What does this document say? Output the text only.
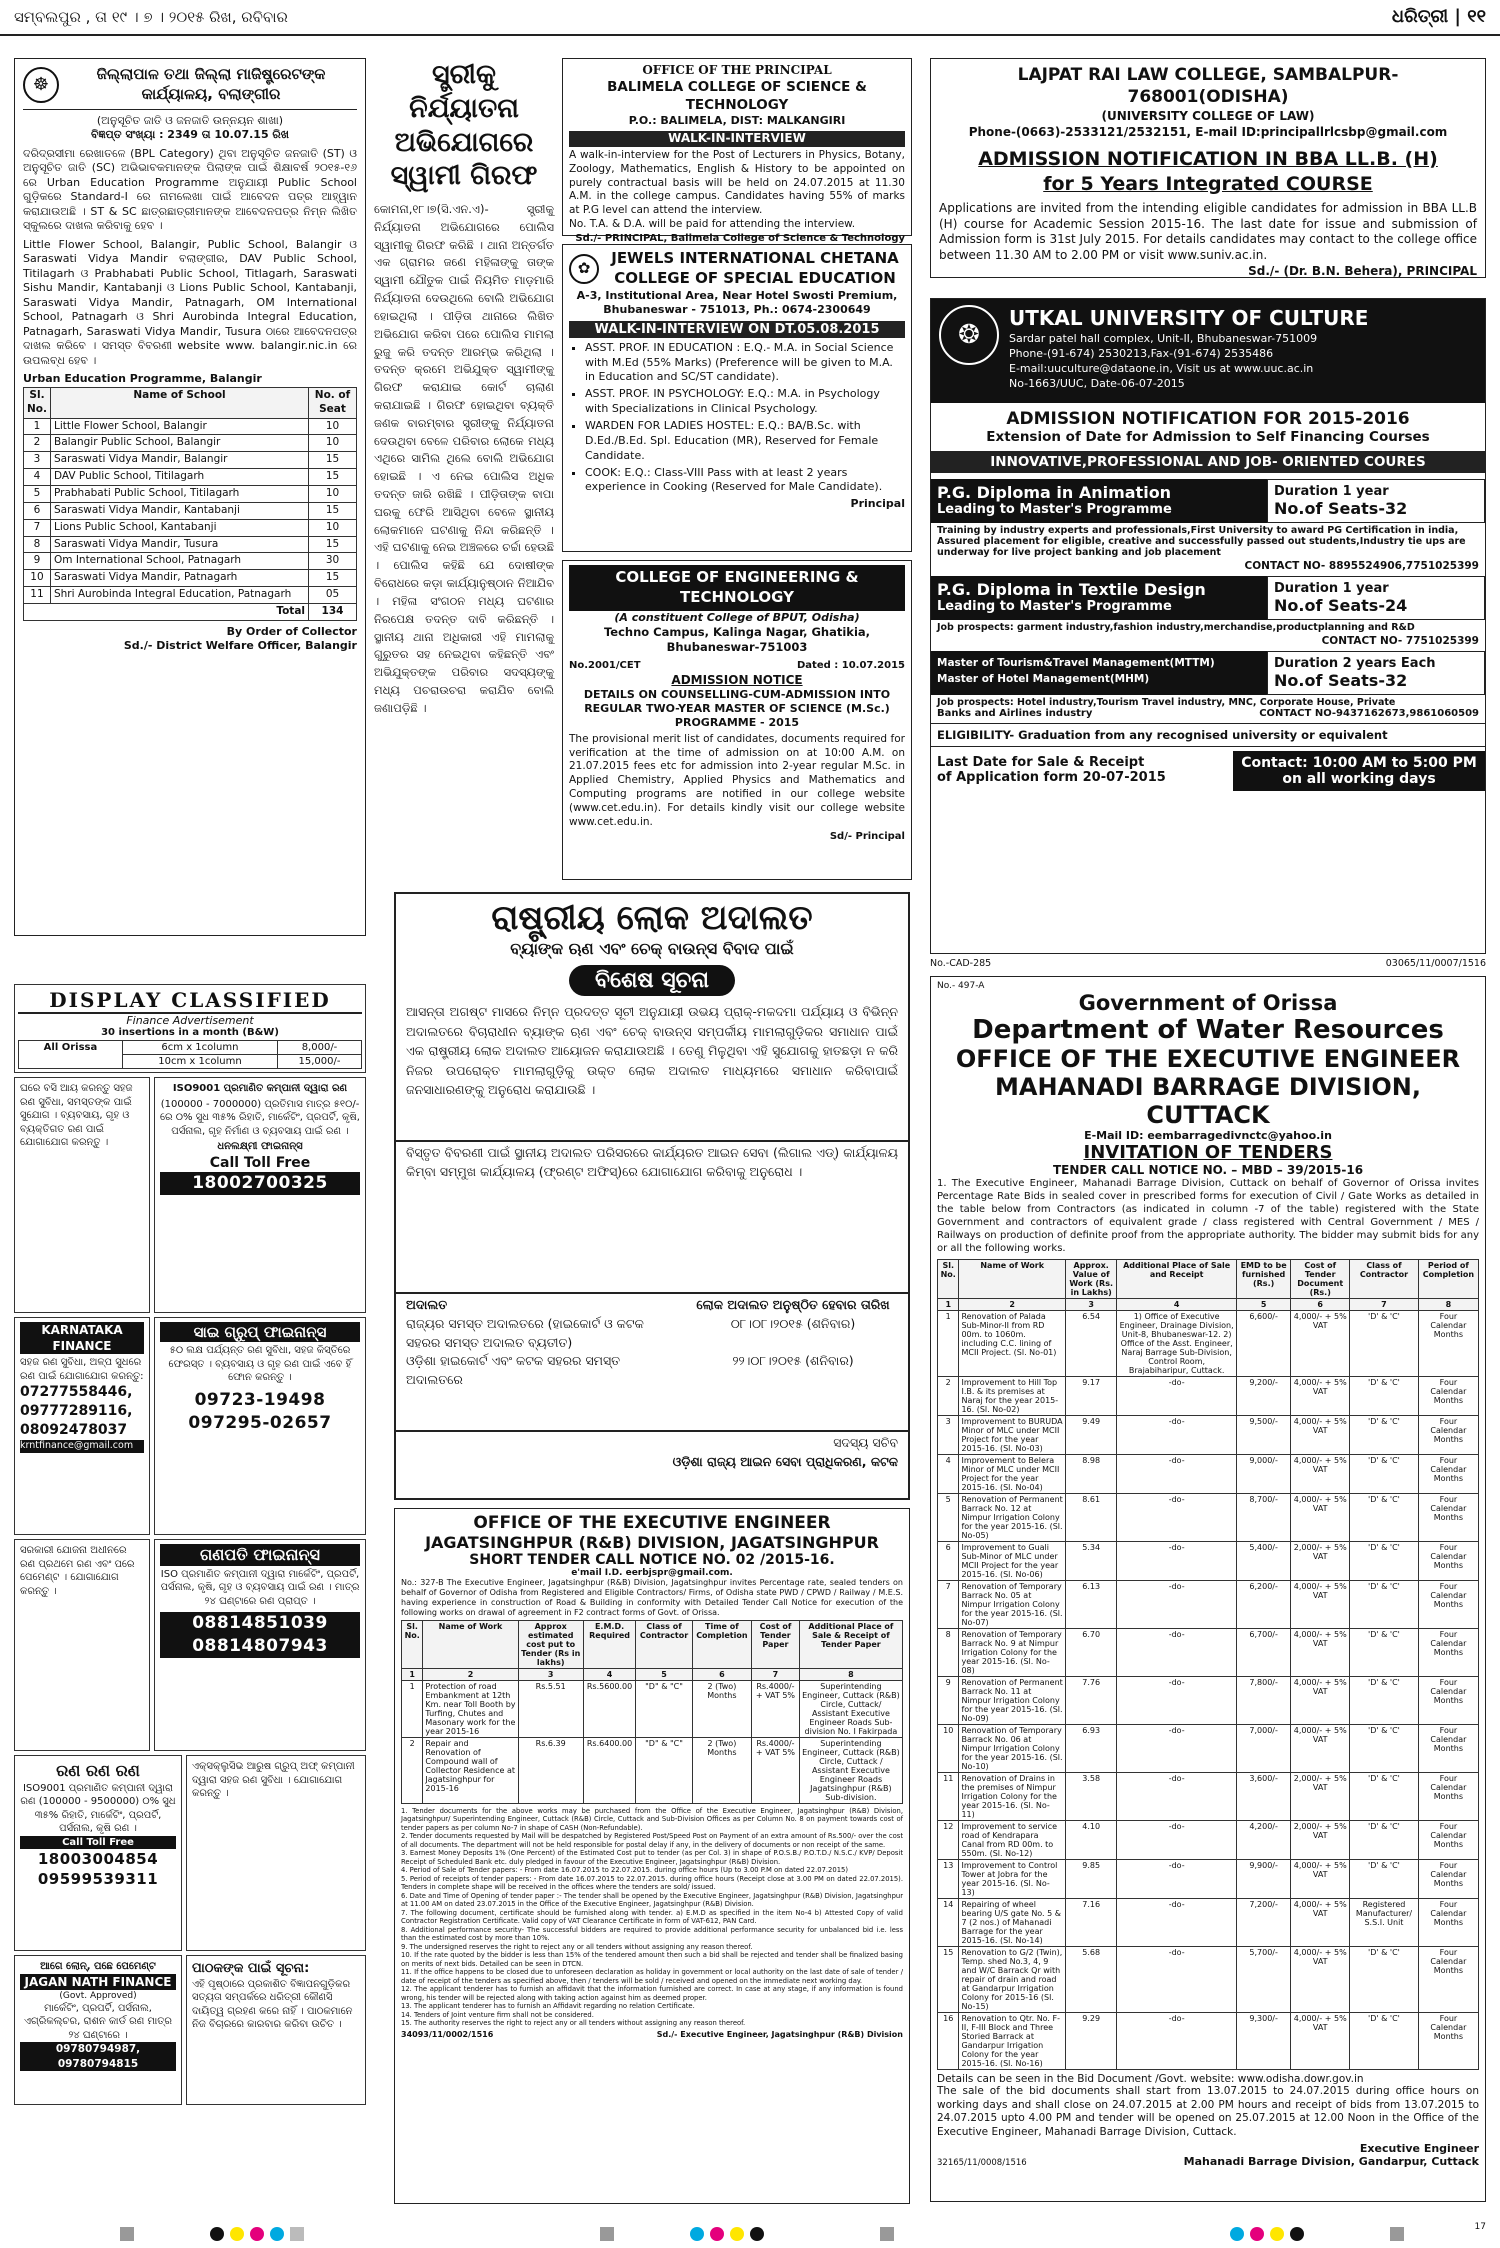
ସମ୍ବଲପୁର , ତା ୧୯ । ୭ । ୨୦୧୫ ରିଖ, ରବିବାର	ଧରିତ୍ରୀ | ୧୧
☸	ଜିଲ୍ଲାପାଳ ତଥା ଜିଲ୍ଲା ମାଜିଷ୍ଟ୍ରେଟଙ୍କ କାର୍ଯ୍ୟାଳୟ, ବଲାଙ୍ଗୀର
(ଅନୁସୂଚିତ ଜାତି ଓ ଜନଜାତି ଉନ୍ନୟନ ଶାଖା)
ବିଜ୍ଞପ୍ତ ସଂଖ୍ୟା : 2349 ତା 10.07.15 ରିଖ

ଦରିଦ୍ରସୀମା ରେଖାତଳେ (BPL Category) ଥିବା ଅନୁସୂଚିତ ଜନଜାତି (ST) ଓ ଅନୁସୂଚିତ ଜାତି (SC) ଅଭିଭାବକମାନଙ୍କ ପିଲାଙ୍କ ପାଇଁ ଶିକ୍ଷାବର୍ଷ ୨୦୧୫-୧୬ ରେ Urban Education Programme ଅନୁଯାୟୀ Public School ଗୁଡ଼ିକରେ Standard-I ରେ ନାମଲେଖା ପାଇଁ ଆବେଦନ ପତ୍ର ଆହ୍ୱାନ କରାଯାଉଅଛି । ST & SC ଛାତ୍ରଛାତ୍ରୀମାନଙ୍କ ଆବେଦନପତ୍ର ନିମ୍ନ ଲିଖିତ ସ୍କୁଲରେ ଦାଖଲ କରିବାକୁ ହେବ ।

Little Flower School, Balangir, Public School, Balangir ଓ Saraswati Vidya Mandir ବଲାଙ୍ଗୀର, DAV Public School, Titilagarh ଓ Prabhabati Public School, Titlagarh, Saraswati Sishu Mandir, Kantabanji ଓ Lions Public School, Kantabanji, Saraswati Vidya Mandir, Patnagarh, OM International School, Patnagarh ଓ Shri Aurobinda Integral Education, Patnagarh, Saraswati Vidya Mandir, Tusura ଠାରେ ଆବେଦନପତ୍ର ଦାଖଲ କରିବେ । ସମସ୍ତ ବିବରଣୀ website www. balangir.nic.in ରେ ଉପଲବ୍ଧ ହେବ ।

Urban Education Programme, Balangir
Sl. No.	Name of School	No. of Seat
1	Little Flower School, Balangir	10
2	Balangir Public School, Balangir	10
3	Saraswati Vidya Mandir, Balangir	15
4	DAV Public School, Titilagarh	15
5	Prabhabati Public School, Titilagarh	10
6	Saraswati Vidya Mandir, Kantabanji	15
7	Lions Public School, Kantabanji	10
8	Saraswati Vidya Mandir, Tusura	15
9	Om International School, Patnagarh	30
10	Saraswati Vidya Mandir, Patnagarh	15
11	Shri Aurobinda Integral Education, Patnagarh	05
Total		134
By Order of Collector
Sd./- District Welfare Officer, Balangir
ସ୍ତ୍ରୀକୁ ନିର୍ଯ୍ୟାତନା ଅଭିଯୋଗରେ ସ୍ୱାମୀ ଗିରଫ

କୋମନା,୧୮।୭(ସି.ଏନ.ଏ)- ସ୍ତ୍ରୀକୁ ନିର୍ଯ୍ୟାତନା ଅଭିଯୋଗରେ ପୋଲିସ ସ୍ୱାମୀକୁ ଗିରଫ କରିଛି । ଥାନା ଅନ୍ତର୍ଗତ ଏକ ଗ୍ରାମର ଜଣେ ମହିଳାଙ୍କୁ ତାଙ୍କ ସ୍ୱାମୀ ଯୌତୁକ ପାଇଁ ନିୟମିତ ମାଡ଼ମାରି ନିର୍ଯ୍ୟାତନା ଦେଉଥିଲେ ବୋଲି ଅଭିଯୋଗ ହୋଇଥିଲା । ପୀଡ଼ିତା ଥାନାରେ ଲିଖିତ ଅଭିଯୋଗ କରିବା ପରେ ପୋଲିସ ମାମଲା ରୁଜୁ କରି ତଦନ୍ତ ଆରମ୍ଭ କରିଥିଲା । ତଦନ୍ତ କ୍ରମେ ଅଭିଯୁକ୍ତ ସ୍ୱାମୀଙ୍କୁ ଗିରଫ କରାଯାଇ କୋର୍ଟ ଚାଲାଣ କରାଯାଇଛି । ଗିରଫ ହୋଇଥିବା ବ୍ୟକ୍ତି ଜଣକ ବାରମ୍ବାର ସ୍ତ୍ରୀଙ୍କୁ ନିର୍ଯ୍ୟାତନା ଦେଉଥିବା ବେଳେ ପରିବାର ଲୋକେ ମଧ୍ୟ ଏଥିରେ ସାମିଲ ଥିଲେ ବୋଲି ଅଭିଯୋଗ ହୋଇଛି । ଏ ନେଇ ପୋଲିସ ଅଧିକ ତଦନ୍ତ ଜାରି ରଖିଛି । ପୀଡ଼ିତାଙ୍କ ବାପା ଘରକୁ ଫେରି ଆସିଥିବା ବେଳେ ସ୍ଥାନୀୟ ଲୋକମାନେ ଘଟଣାକୁ ନିନ୍ଦା କରିଛନ୍ତି । ଏହି ଘଟଣାକୁ ନେଇ ଅଞ୍ଚଳରେ ଚର୍ଚ୍ଚା ହେଉଛି । ପୋଲିସ କହିଛି ଯେ ଦୋଷୀଙ୍କ ବିରୋଧରେ କଡ଼ା କାର୍ଯ୍ୟାନୁଷ୍ଠାନ ନିଆଯିବ । ମହିଳା ସଂଗଠନ ମଧ୍ୟ ଘଟଣାର ନିରପେକ୍ଷ ତଦନ୍ତ ଦାବି କରିଛନ୍ତି । ସ୍ଥାନୀୟ ଥାନା ଅଧିକାରୀ ଏହି ମାମଲାକୁ ଗୁରୁତର ସହ ନେଇଥିବା କହିଛନ୍ତି ଏବଂ ଅଭିଯୁକ୍ତଙ୍କ ପରିବାର ସଦସ୍ୟଙ୍କୁ ମଧ୍ୟ ପଚରାଉଚରା କରାଯିବ ବୋଲି ଜଣାପଡ଼ିଛି ।

OFFICE OF THE PRINCIPAL
BALIMELA COLLEGE OF SCIENCE & TECHNOLOGY
P.O.: BALIMELA, DIST: MALKANGIRI
WALK-IN-INTERVIEW

A walk-in-interview for the Post of Lecturers in Physics, Botany, Zoology, Mathematics, English & History to be appointed on purely contractual basis will be held on 24.07.2015 at 11.30 A.M. in the college campus. Candidates having 55% of marks at P.G level can attend the interview.

No. T.A. & D.A. will be paid for attending the interview.

Sd./- PRINCIPAL, Balimela College of Science & Technology

✿
JEWELS INTERNATIONAL CHETANA
COLLEGE OF SPECIAL EDUCATION
A-3, Institutional Area, Near Hotel Swosti Premium, Bhubaneswar - 751013, Ph.: 0674-2300649
WALK-IN-INTERVIEW ON DT.05.08.2015
▪ ASST. PROF. IN EDUCATION : E.Q.- M.A. in Social Science with M.Ed (55% Marks) (Preference will be given to M.A. in Education and SC/ST candidate).
▪ ASST. PROF. IN PSYCHOLOGY: E.Q.: M.A. in Psychology with Specializations in Clinical Psychology.
▪ WARDEN FOR LADIES HOSTEL: E.Q.: BA/B.Sc. with D.Ed./B.Ed. Spl. Education (MR), Reserved for Female Candidate.
▪ COOK: E.Q.: Class-VIII Pass with at least 2 years experience in Cooking (Reserved for Male Candidate).
Principal
COLLEGE OF ENGINEERING & TECHNOLOGY
(A constituent College of BPUT, Odisha)
Techno Campus, Kalinga Nagar, Ghatikia, Bhubaneswar-751003
No.2001/CET	Dated : 10.07.2015
ADMISSION NOTICE
DETAILS ON COUNSELLING-CUM-ADMISSION INTO REGULAR TWO-YEAR MASTER OF SCIENCE (M.Sc.) PROGRAMME - 2015

The provisional merit list of candidates, documents required for verification at the time of admission on at 10:00 A.M. on 21.07.2015 fees etc for admission into 2-year regular M.Sc. in Applied Chemistry, Applied Physics and Mathematics and Computing programs are notified in our college website (www.cet.edu.in). For details kindly visit our college website www.cet.edu.in.

Sd/- Principal
LAJPAT RAI LAW COLLEGE, SAMBALPUR-768001(ODISHA)
(UNIVERSITY COLLEGE OF LAW)
Phone-(0663)-2533121/2532151, E-mail ID:principallrlcsbp@gmail.com
ADMISSION NOTIFICATION IN BBA LL.B. (H)
for 5 Years Integrated COURSE

Applications are invited from the intending eligible candidates for admission in BBA LL.B (H) course for Academic Session 2015-16. The last date for issue and submission of Admission form is 31st July 2015. For details candidates may contact to the college office between 11.30 AM to 2.00 PM or visit www.suniv.ac.in.

Sd./- (Dr. B.N. Behera), PRINCIPAL
❂
UTKAL UNIVERSITY OF CULTURE
Sardar patel hall complex, Unit-II, Bhubaneswar-751009
Phone-(91-674) 2530213,Fax-(91-674) 2535486
E-mail:uuculture@dataone.in, Visit us at www.uuc.ac.in
No-1663/UUC, Date-06-07-2015
ADMISSION NOTIFICATION FOR 2015-2016
Extension of Date for Admission to Self Financing Courses
INNOVATIVE,PROFESSIONAL AND JOB- ORIENTED COURES
P.G. Diploma in Animation
Leading to Master's Programme
Duration 1 year
No.of Seats-32

Training by industry experts and professionals,First University to award PG Certification in india, Assured placement for eligible, creative and successfully passed out students,Industry tie ups are underway for live project banking and job placement

CONTACT NO- 8895524906,7751025399
P.G. Diploma in Textile Design
Leading to Master's Programme
Duration 1 year
No.of Seats-24

Job prospects: garment industry,fashion industry,merchandise,productplanning and R&D

CONTACT NO- 7751025399
Master of Tourism&Travel Management(MTTM)
Master of Hotel Management(MHM)
Duration 2 years Each
No.of Seats-32

Job prospects: Hotel industry,Tourism Travel industry, MNC, Corporate House, Private

Banks and Airlines industry	CONTACT NO-9437162673,9861060509
ELIGIBILITY- Graduation from any recognised university or equivalent
Last Date for Sale & Receipt
of Application form 20-07-2015
Contact: 10:00 AM to 5:00 PM
on all working days
No.-CAD-285	03065/11/0007/1516
ରାଷ୍ଟ୍ରୀୟ ଲୋକ ଅଦାଲତ
ବ୍ୟାଙ୍କ ଋଣ ଏବଂ ଚେକ୍ ବାଉନ୍ସ ବିବାଦ ପାଇଁ
ବିଶେଷ ସୂଚନା

ଆସନ୍ତା ଅଗଷ୍ଟ ମାସରେ ନିମ୍ନ ପ୍ରଦତ୍ତ ସୂଚୀ ଅନୁଯାୟୀ ଉଭୟ ପ୍ରାକ୍-ମକଦମା ପର୍ଯ୍ୟାୟ ଓ ବିଭିନ୍ନ ଅଦାଲତରେ ବିଚାରାଧୀନ ବ୍ୟାଙ୍କ ଋଣ ଏବଂ ଚେକ୍ ବାଉନ୍ସ ସମ୍ପର୍କୀୟ ମାମଲାଗୁଡ଼ିକର ସମାଧାନ ପାଇଁ ଏକ ରାଷ୍ଟ୍ରୀୟ ଲୋକ ଅଦାଲତ ଆୟୋଜନ କରାଯାଉଅଛି । ତେଣୁ ମିଳୁଥିବା ଏହି ସୁଯୋଗକୁ ହାତଛଡ଼ା ନ କରି ନିଜର ଉପରୋକ୍ତ ମାମଲାଗୁଡ଼ିକୁ ଉକ୍ତ ଲୋକ ଅଦାଲତ ମାଧ୍ୟମରେ ସମାଧାନ କରିବାପାଇଁ ଜନସାଧାରଣଙ୍କୁ ଅନୁରୋଧ କରାଯାଉଛି ।

ବିସ୍ତୃତ ବିବରଣୀ ପାଇଁ ସ୍ଥାନୀୟ ଅଦାଲତ ପରିସରରେ କାର୍ଯ୍ୟରତ ଆଇନ ସେବା (ଲିଗାଲ ଏଡ୍) କାର୍ଯ୍ୟାଳୟ କିମ୍ବା ସମ୍ମୁଖ କାର୍ଯ୍ୟାଳୟ (ଫ୍ରଣ୍ଟ ଅଫିସ୍)ରେ ଯୋଗାଯୋଗ କରିବାକୁ ଅନୁରୋଧ ।

ଅଦାଲତ	ଲୋକ ଅଦାଲତ ଅନୁଷ୍ଠିତ ହେବାର ତାରିଖ
ରାଜ୍ୟର ସମସ୍ତ ଅଦାଲତରେ (ହାଇକୋର୍ଟ ଓ କଟକ ସହରର ସମସ୍ତ ଅଦାଲତ ବ୍ୟତୀତ)
୦୮।୦୮।୨୦୧୫ (ଶନିବାର)
ଓଡ଼ିଶା ହାଇକୋର୍ଟ ଏବଂ କଟକ ସହରର ସମସ୍ତ ଅଦାଲତରେ
୨୨।୦୮।୨୦୧୫ (ଶନିବାର)
ସଦସ୍ୟ ସଚିବ
ଓଡ଼ିଶା ରାଜ୍ୟ ଆଇନ ସେବା ପ୍ରାଧିକରଣ, କଟକ
DISPLAY CLASSIFIED
Finance Advertisement
30 insertions in a month (B&W)
All Orissa	6cm x 1column	8,000/-
	10cm x 1column	15,000/-

ଘରେ ବସି ଆୟ କରନ୍ତୁ ସହଜ ରଣ ସୁବିଧା, ସମସ୍ତଙ୍କ ପାଇଁ ସୁଯୋଗ । ବ୍ୟବସାୟ, ଗୃହ ଓ ବ୍ୟକ୍ତିଗତ ରଣ ପାଇଁ ଯୋଗାଯୋଗ କରନ୍ତୁ ।

ISO9001 ପ୍ରମାଣିତ କମ୍ପାନୀ ଦ୍ୱାରା ରଣ

(100000 - 7000000) ପ୍ରତିମାସ ମାତ୍ର ୫୧୦/-ରେ ୦% ସୁଧ ୩୫% ରିହାତି, ମାର୍କେଟିଂ, ପ୍ରପର୍ଟି, କୃଷି, ପର୍ସନାଲ, ଗୃହ ନିର୍ମାଣ ଓ ବ୍ୟବସାୟ ପାଇଁ ରଣ ।

ଧନଲକ୍ଷ୍ମୀ ଫାଇନାନ୍ସ
Call Toll Free
18002700325
KARNATAKA FINANCE

ସହଜ ରଣ ସୁବିଧା, ଅଳ୍ପ ସୁଧରେ ରଣ ପାଇଁ ଯୋଗାଯୋଗ କରନ୍ତୁ:

07277558446,
09777289116,
08092478037
krntfinance@gmail.com
ସାଇ ଗ୍ରୁପ୍ ଫାଇନାନ୍ସ

୫୦ ଲକ୍ଷ ପର୍ଯ୍ୟନ୍ତ ରଣ ସୁବିଧା, ସହଜ କିସ୍ତିରେ ଫେରସ୍ତ । ବ୍ୟବସାୟ ଓ ଗୃହ ରଣ ପାଇଁ ଏବେ ହିଁ ଫୋନ କରନ୍ତୁ ।

09723-19498
097295-02657

ସରକାରୀ ଯୋଜନା ଅଧୀନରେ ରଣ ପ୍ରଥମେ ରଣ ଏବଂ ପରେ ପେମେଣ୍ଟ । ଯୋଗାଯୋଗ କରନ୍ତୁ ।

ଗଣପତି ଫାଇନାନ୍ସ

ISO ପ୍ରମାଣିତ କମ୍ପାନୀ ଦ୍ୱାରା ମାର୍କେଟିଂ, ପ୍ରପର୍ଟି, ପର୍ସନାଲ, କୃଷି, ଗୃହ ଓ ବ୍ୟବସାୟ ପାଇଁ ରଣ । ମାତ୍ର ୨୪ ଘଣ୍ଟାରେ ରଣ ପ୍ରାପ୍ତ ।

08814851039
08814807943
ରଣ ରଣ ରଣ

ISO9001 ପ୍ରମାଣିତ କମ୍ପାନୀ ଦ୍ୱାରା ରଣ (100000 - 9500000) ୦% ସୁଧ ୩୫% ରିହାତି, ମାର୍କେଟିଂ, ପ୍ରପର୍ଟି, ପର୍ସନାଲ, କୃଷି ରଣ ।

Call Toll Free
18003004854
09599539311

ଏକ୍ସକ୍ଲୁସିଭ ଆରୁଷ ଗ୍ରୁପ୍ ଅଫ୍ କମ୍ପାନୀ ଦ୍ୱାରା ସହଜ ରଣ ସୁବିଧା । ଯୋଗାଯୋଗ କରନ୍ତୁ ।

ଆଗେ ଲୋନ୍, ପଛେ ପେମେଣ୍ଟ
JAGAN NATH FINANCE
(Govt. Approved)

ମାର୍କେଟିଂ, ପ୍ରପର୍ଟି, ପର୍ସନାଲ, ଏଗ୍ରିକଲ୍ଚର, ରାଶନ କାର୍ଡ ରଣ ମାତ୍ର ୨୪ ଘଣ୍ଟାରେ ।

09780794987, 09780794815
ପାଠକଙ୍କ ପାଇଁ ସୂଚନା:

ଏହି ପୃଷ୍ଠାରେ ପ୍ରକାଶିତ ବିଜ୍ଞାପନଗୁଡ଼ିକର ସତ୍ୟତା ସମ୍ପର୍କରେ ଧରିତ୍ରୀ କୌଣସି ଦାୟିତ୍ୱ ଗ୍ରହଣ କରେ ନାହିଁ । ପାଠକମାନେ ନିଜ ବିଚାରରେ କାରବାର କରିବା ଉଚିତ ।

OFFICE OF THE EXECUTIVE ENGINEER
JAGATSINGHPUR (R&B) DIVISION, JAGATSINGHPUR
SHORT TENDER CALL NOTICE NO. 02 /2015-16.
e'mail I.D. eerbjspr@gmail.com.

No.: 327-B The Executive Engineer, Jagatsinghpur (R&B) Division, Jagatsinghpur invites Percentage rate, sealed tenders on behalf of Governor of Odisha from Registered and Eligible Contractors/ Firms, of Odisha state PWD / CPWD / Railway / M.E.S. having experience in construction of Road & Building in conformity with Detailed Tender Call Notice for execution of the following works on drawal of agreement in F2 contract forms of Govt. of Orissa.

Sl. No.	Name of Work	Approx estimated cost put to Tender (Rs in lakhs)	E.M.D. Required	Class of Contractor	Time of Completion	Cost of Tender Paper	Additional Place of Sale & Receipt of Tender Paper
1	2	3	4	5	6	7	8
1	Protection of road Embankment at 12th Km. near Toll Booth by Turfing, Chutes and Masonary work for the year 2015-16	Rs.5.51	Rs.5600.00	"D" & "C"	2 (Two) Months	Rs.4000/- + VAT 5%	Superintending Engineer, Cuttack (R&B) Circle, Cuttack/ Assistant Executive Engineer Roads Sub-division No. I Fakirpada
2	Repair and Renovation of Compound wall of Collector Residence at Jagatsinghpur for 2015-16	Rs.6.39	Rs.6400.00	"D" & "C"	2 (Two) Months	Rs.4000/- + VAT 5%	Superintending Engineer, Cuttack (R&B) Circle, Cuttack / Assistant Executive Engineer Roads Jagatsinghpur (R&B) Sub-division.
1. Tender documents for the above works may be purchased from the Office of the Executive Engineer, Jagatsinghpur (R&B) Division, Jagatsinghpur/ Superintending Engineer, Cuttack (R&B) Circle, Cuttack and Sub-Division Offices as per Column No. 8 on payment towards cost of tender papers as per column No-7 in shape of CASH (Non-Refundable).
2. Tender documents requested by Mail will be despatched by Registered Post/Speed Post on Payment of an extra amount of Rs.500/- over the cost of all documents. The department will not be held responsible for postal delay if any, in the delivery of documents or non receipt of the same.
3. Earnest Money Deposits 1% (One Percent) of the Estimated Cost put to tender (as per Col. 3) in shape of P.O.S.B./ P.O.T.D./ N.S.C./ KVP/ Deposit Receipt of Scheduled Bank etc. duly pledged in favour of the Executive Engineer, Jagatsinghpur (R&B) Division.
4. Period of Sale of Tender papers: - From date 16.07.2015 to 22.07.2015. during office hours (Up to 3.00 P.M on dated 22.07.2015)
5. Period of receipts of tender papers: - From date 16.07.2015 to 22.07.2015. during office hours (Receipt close at 3.00 PM on dated 22.07.2015). Tenders in complete shape will be received in the offices where the tenders are sold/ issued.
6. Date and Time of Opening of tender paper :- The tender shall be opened by the Executive Engineer, Jagatsinghpur (R&B) Division, Jagatsinghpur at 11.00 AM on dated 23.07.2015 in the Office of the Executive Engineer, Jagatsinghpur (R&B) Division.
7. The following document, certificate should be furnished along with tender. a) E.M.D as specified in the item No-4 b) Attested Copy of valid Contractor Registration Certificate. Valid copy of VAT Clearance Certificate in form of VAT-612, PAN Card.
8. Additional performance security- The successful bidders are required to provide additional performance security for unbalanced bid i.e. less than the estimated cost by more than 10%.
9. The undersigned reserves the right to reject any or all tenders without assigning any reason thereof.
10. If the rate quoted by the bidder is less than 15% of the tendered amount then such a bid shall be rejected and tender shall be finalized basing on merits of next bids. Detailed can be seen in DTCN.
11. If the office happens to be closed due to unforeseen declaration as holiday in government or local authority on the last date of sale of tender / date of receipt of the tenders as specified above, then / tenders will be sold / received and opened on the immediate next working day.
12. The applicant tenderer has to furnish an affidavit that the information furnished are correct. In case at any stage, if any information is found wrong, his tender will be rejected along with taking action against him as deemed proper.
13. The applicant tenderer has to furnish an Affidavit regarding no relation Certificate.
14. Tenders of Joint venture firm shall not be considered.
15. The authority reserves the right to reject any or all tenders without assigning any reason thereof.
34093/11/0002/1516	Sd./- Executive Engineer, Jagatsinghpur (R&B) Division
No.- 497-A
Government of Orissa
Department of Water Resources
OFFICE OF THE EXECUTIVE ENGINEER
MAHANADI BARRAGE DIVISION, CUTTACK
E-Mail ID: eembarragedivnctc@yahoo.in
INVITATION OF TENDERS
TENDER CALL NOTICE NO. – MBD – 39/2015-16

1. The Executive Engineer, Mahanadi Barrage Division, Cuttack on behalf of Governor of Orissa invites Percentage Rate Bids in sealed cover in prescribed forms for execution of Civil / Gate Works as detailed in the table below from Contractors (as indicated in column -7 of the table) registered with the State Government and contractors of equivalent grade / class registered with Central Government / MES / Railways on production of definite proof from the appropriate authority. The bidder may submit bids for any or all the following works.

Sl. No.	Name of Work	Approx. Value of Work (Rs. in Lakhs)	Additional Place of Sale and Receipt	EMD to be furnished (Rs.)	Cost of Tender Document (Rs.)	Class of Contractor	Period of Completion
1	2	3	4	5	6	7	8
1	Renovation of Palada Sub-Minor-II from RD 00m. to 1060m. including C.C. lining of MCII Project. (Sl. No-01)	6.54	1) Office of Executive Engineer, Drainage Division, Unit-8, Bhubaneswar-12. 2) Office of the Asst. Engineer, Naraj Barrage Sub-Division, Control Room, Brajabiharipur, Cuttack.	6,600/-	4,000/- + 5% VAT	'D' & 'C'	Four Calendar Months
2	Improvement to Hill Top I.B. & its premises at Naraj for the year 2015-16. (Sl. No-02)	9.17	-do-	9,200/-	4,000/- + 5% VAT	'D' & 'C'	Four Calendar Months
3	Improvement to BURUDA Minor of MLC under MCII Project for the year 2015-16. (Sl. No-03)	9.49	-do-	9,500/-	4,000/- + 5% VAT	'D' & 'C'	Four Calendar Months
4	Improvement to Belera Minor of MLC under MCII Project for the year 2015-16. (Sl. No-04)	8.98	-do-	9,000/-	4,000/- + 5% VAT	'D' & 'C'	Four Calendar Months
5	Renovation of Permanent Barrack No. 12 at Nimpur Irrigation Colony for the year 2015-16. (Sl. No-05)	8.61	-do-	8,700/-	4,000/- + 5% VAT	'D' & 'C'	Four Calendar Months
6	Improvement to Guali Sub-Minor of MLC under MCII Project for the year 2015-16. (Sl. No-06)	5.34	-do-	5,400/-	2,000/- + 5% VAT	'D' & 'C'	Four Calendar Months
7	Renovation of Temporary Barrack No. 05 at Nimpur Irrigation Colony for the year 2015-16. (Sl. No-07)	6.13	-do-	6,200/-	4,000/- + 5% VAT	'D' & 'C'	Four Calendar Months
8	Renovation of Temporary Barrack No. 9 at Nimpur Irrigation Colony for the year 2015-16. (Sl. No-08)	6.70	-do-	6,700/-	4,000/- + 5% VAT	'D' & 'C'	Four Calendar Months
9	Renovation of Permanent Barrack No. 11 at Nimpur Irrigation Colony for the year 2015-16. (Sl. No-09)	7.76	-do-	7,800/-	4,000/- + 5% VAT	'D' & 'C'	Four Calendar Months
10	Renovation of Temporary Barrack No. 06 at Nimpur Irrigation Colony for the year 2015-16. (Sl. No-10)	6.93	-do-	7,000/-	4,000/- + 5% VAT	'D' & 'C'	Four Calendar Months
11	Renovation of Drains in the premises of Nimpur Irrigation Colony for the year 2015-16. (Sl. No-11)	3.58	-do-	3,600/-	2,000/- + 5% VAT	'D' & 'C'	Four Calendar Months
12	Improvement to service road of Kendrapara Canal from RD 00m. to 550m. (Sl. No-12)	4.10	-do-	4,200/-	2,000/- + 5% VAT	'D' & 'C'	Four Calendar Months
13	Improvement to Control Tower at Jobra for the year 2015-16. (Sl. No-13)	9.85	-do-	9,900/-	4,000/- + 5% VAT	'D' & 'C'	Four Calendar Months
14	Repairing of wheel bearing U/S gate No. 5 & 7 (2 nos.) of Mahanadi Barrage for the year 2015-16. (Sl. No-14)	7.16	-do-	7,200/-	4,000/- + 5% VAT	Registered Manufacturer/ S.S.I. Unit	Four Calendar Months
15	Renovation to G/2 (Twin), Temp. shed No.3, 4, 9 and W/C Barrack Qr with repair of drain and road at Gandarpur Irrigation Colony for 2015-16 (Sl. No-15)	5.68	-do-	5,700/-	4,000/- + 5% VAT	'D' & 'C'	Four Calendar Months
16	Renovation to Qtr. No. F-II, F-III Block and Three Storied Barrack at Gandarpur Irrigation Colony for the year 2015-16. (Sl. No-16)	9.29	-do-	9,300/-	4,000/- + 5% VAT	'D' & 'C'	Four Calendar Months
Details can be seen in the Bid Document /Govt. website: www.odisha.dowr.gov.in

The sale of the bid documents shall start from 13.07.2015 to 24.07.2015 during office hours on working days and shall close on 24.07.2015 at 2.00 PM hours and receipt of bids from 13.07.2015 to 24.07.2015 upto 4.00 PM and tender will be opened on 25.07.2015 at 12.00 Noon in the Office of the Executive Engineer, Mahanadi Barrage Division, Cuttack.

32165/11/0008/1516
Executive Engineer
Mahanadi Barrage Division, Gandarpur, Cuttack
17
